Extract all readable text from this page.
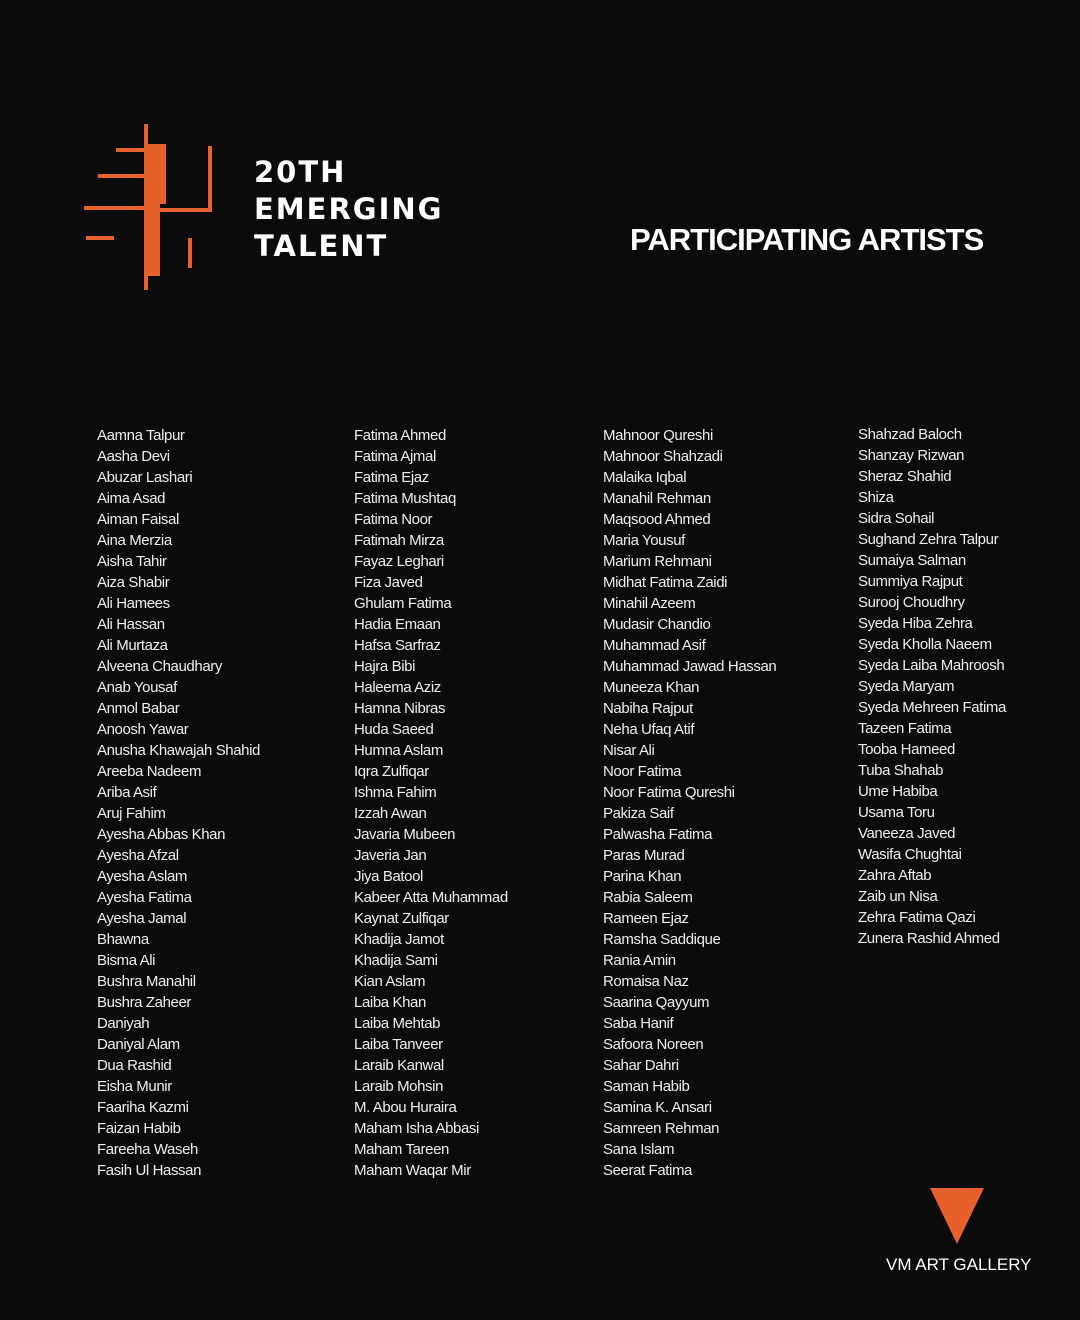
20TH
EMERGING
TALENT	PARTICIPATING ARTISTS
Aamna Talpur
Aasha Devi
Abuzar Lashari
Aima Asad
Aiman Faisal
Aina Merzia
Aisha Tahir
Aiza Shabir
Ali Hamees
Ali Hassan
Ali Murtaza
Alveena Chaudhary
Anab Yousaf
Anmol Babar
Anoosh Yawar
Anusha Khawajah Shahid
Areeba Nadeem
Ariba Asif
Aruj Fahim
Ayesha Abbas Khan
Ayesha Afzal
Ayesha Aslam
Ayesha Fatima
Ayesha Jamal
Bhawna
Bisma Ali
Bushra Manahil
Bushra Zaheer
Daniyah
Daniyal Alam
Dua Rashid
Eisha Munir
Faariha Kazmi
Faizan Habib
Fareeha Waseh
Fasih Ul Hassan
Fatima Ahmed
Fatima Ajmal
Fatima Ejaz
Fatima Mushtaq
Fatima Noor
Fatimah Mirza
Fayaz Leghari
Fiza Javed
Ghulam Fatima
Hadia Emaan
Hafsa Sarfraz
Hajra Bibi
Haleema Aziz
Hamna Nibras
Huda Saeed
Humna Aslam
Iqra Zulfiqar
Ishma Fahim
Izzah Awan
Javaria Mubeen
Javeria Jan
Jiya Batool
Kabeer Atta Muhammad
Kaynat Zulfiqar
Khadija Jamot
Khadija Sami
Kian Aslam
Laiba Khan
Laiba Mehtab
Laiba Tanveer
Laraib Kanwal
Laraib Mohsin
M. Abou Huraira
Maham Isha Abbasi
Maham Tareen
Maham Waqar Mir
Mahnoor Qureshi
Mahnoor Shahzadi
Malaika Iqbal
Manahil Rehman
Maqsood Ahmed
Maria Yousuf
Marium Rehmani
Midhat Fatima Zaidi
Minahil Azeem
Mudasir Chandio
Muhammad Asif
Muhammad Jawad Hassan
Muneeza Khan
Nabiha Rajput
Neha Ufaq Atif
Nisar Ali
Noor Fatima
Noor Fatima Qureshi
Pakiza Saif
Palwasha Fatima
Paras Murad
Parina Khan
Rabia Saleem
Rameen Ejaz
Ramsha Saddique
Rania Amin
Romaisa Naz
Saarina Qayyum
Saba Hanif
Safoora Noreen
Sahar Dahri
Saman Habib
Samina K. Ansari
Samreen Rehman
Sana Islam
Seerat Fatima
Shahzad Baloch
Shanzay Rizwan
Sheraz Shahid
Shiza
Sidra Sohail
Sughand Zehra Talpur
Sumaiya Salman
Summiya Rajput
Surooj Choudhry
Syeda Hiba Zehra
Syeda Kholla Naeem
Syeda Laiba Mahroosh
Syeda Maryam
Syeda Mehreen Fatima
Tazeen Fatima
Tooba Hameed
Tuba Shahab
Ume Habiba
Usama Toru
Vaneeza Javed
Wasifa Chughtai
Zahra Aftab
Zaib un Nisa
Zehra Fatima Qazi
Zunera Rashid Ahmed
VM ART GALLERY
